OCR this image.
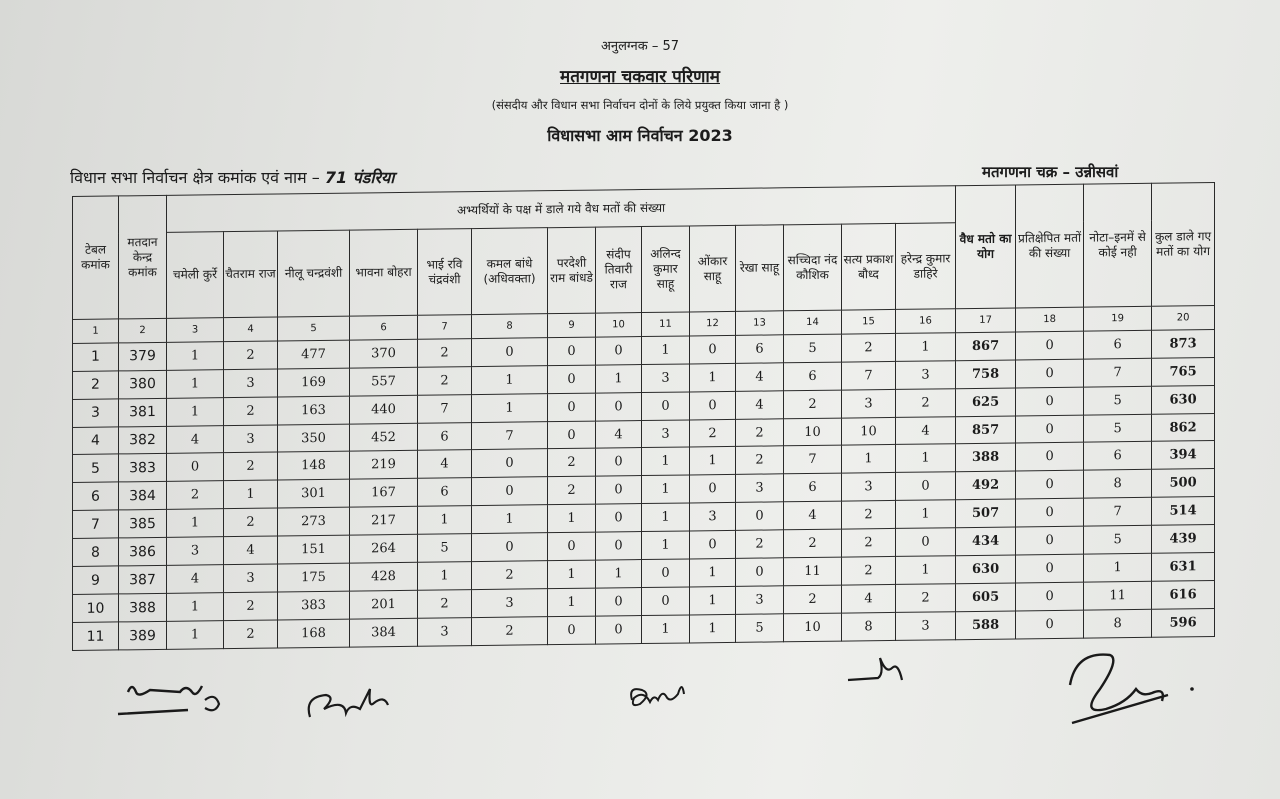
अनुलग्नक – 57
मतगणना चकवार परिणाम
(संसदीय और विधान सभा निर्वाचन दोनों के लिये प्रयुक्त किया जाना है )
विधासभा आम निर्वाचन 2023
विधान सभा निर्वाचन क्षेत्र कमांक एवं नाम – 71 पंडरिया	मतगणना चक्र – उन्नीसवां
टेबल कमांक	मतदान केन्द्र कमांक	अभ्यर्थियों के पक्ष में डाले गये वैध मतों की संख्या														वैध मतो का योग	प्रतिक्षेपित मतों की संख्या	नोटा–इनमें से कोई नही	कुल डाले गए मतों का योग
		चमेली कुर्रे	चैतराम राज	नीलू चन्द्रवंशी	भावना बोहरा	भाई रवि चंद्रवंशी	कमल बांधे (अधिवक्ता)	परदेशी राम बांधडे	संदीप तिवारी राज	अलिन्द कुमार साहू	ओंकार साहू	रेखा साहू	सच्चिदा नंद कौशिक	सत्य प्रकाश बौध्द	हरेन्द्र कुमार डाहिरे				
1	2	3	4	5	6	7	8	9	10	11	12	13	14	15	16	17	18	19	20
1	379	1	2	477	370	2	0	0	0	1	0	6	5	2	1	867	0	6	873
2	380	1	3	169	557	2	1	0	1	3	1	4	6	7	3	758	0	7	765
3	381	1	2	163	440	7	1	0	0	0	0	4	2	3	2	625	0	5	630
4	382	4	3	350	452	6	7	0	4	3	2	2	10	10	4	857	0	5	862
5	383	0	2	148	219	4	0	2	0	1	1	2	7	1	1	388	0	6	394
6	384	2	1	301	167	6	0	2	0	1	0	3	6	3	0	492	0	8	500
7	385	1	2	273	217	1	1	1	0	1	3	0	4	2	1	507	0	7	514
8	386	3	4	151	264	5	0	0	0	1	0	2	2	2	0	434	0	5	439
9	387	4	3	175	428	1	2	1	1	0	1	0	11	2	1	630	0	1	631
10	388	1	2	383	201	2	3	1	0	0	1	3	2	4	2	605	0	11	616
11	389	1	2	168	384	3	2	0	0	1	1	5	10	8	3	588	0	8	596
